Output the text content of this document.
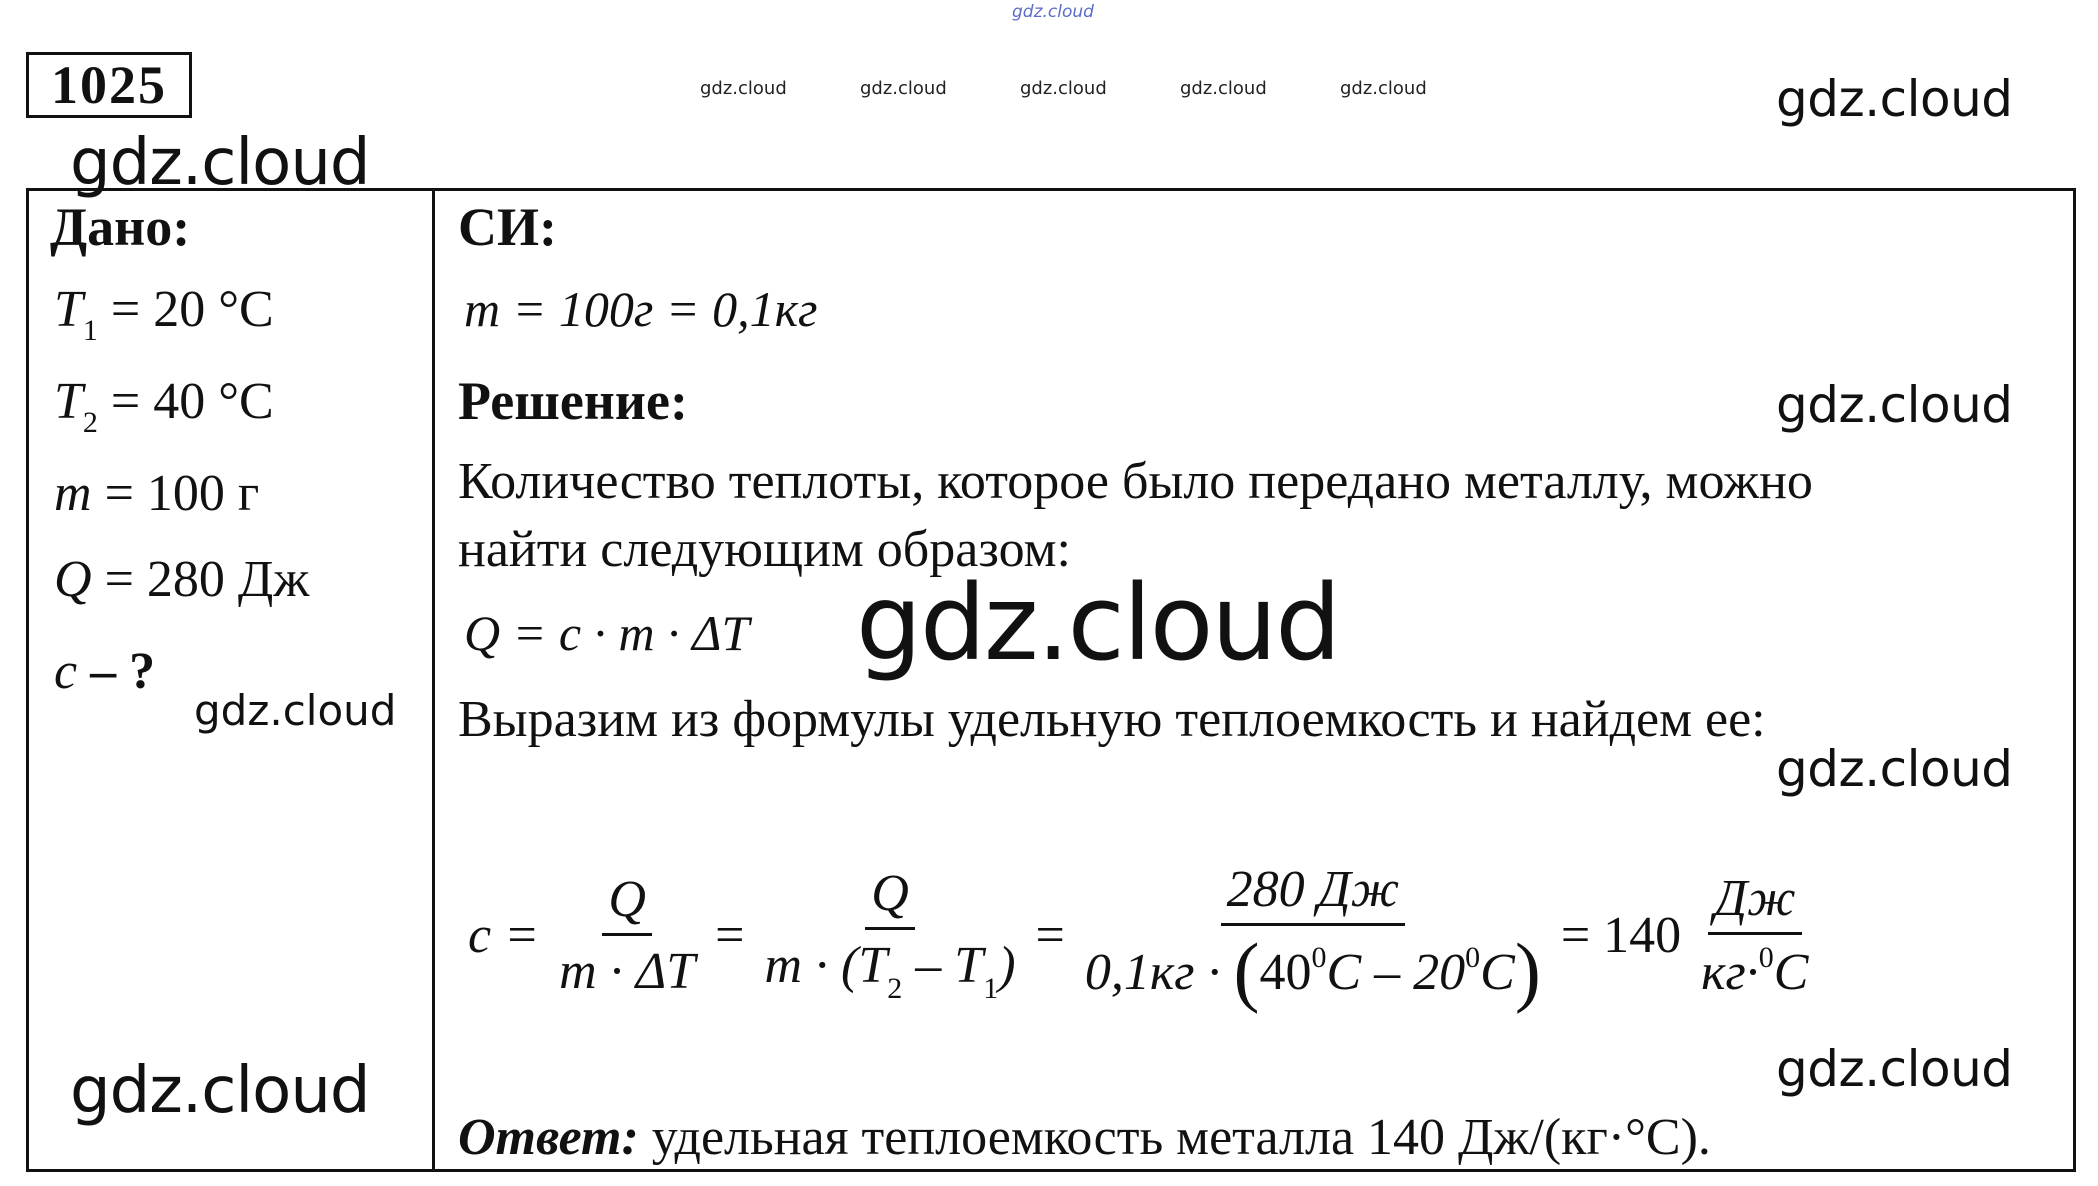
gdz.cloud
gdz.cloud	gdz.cloud	gdz.cloud	gdz.cloud	gdz.cloud
1025	gdz.cloud
gdz.cloud
Дано:
$T_1 = 20$ °C
$T_2 = 40$ °C
m = 100 г
Q = 280 Дж
c – ?
gdz.cloud
gdz.cloud
СИ:
m = 100г = 0,1кг
Решение:	gdz.cloud
Количество теплоты, которое было передано металлу, можно
найти следующим образом:
Q = c · m · ΔT gdz.cloud
Выразим из формулы удельную теплоемкость и найдем ее:
gdz.cloud
$c = \frac{Q}{m \cdot \Delta T} = \frac{Q}{m \cdot (T_2 - T_1)} = \frac{280 Дж}{0,1кг \cdot (40^0C - 20^0C)} = 140 \frac{Дж}{кг\cdot^0C}$
gdz.cloud
Ответ: удельная теплоемкость металла 140 Дж/(кг·°C).
